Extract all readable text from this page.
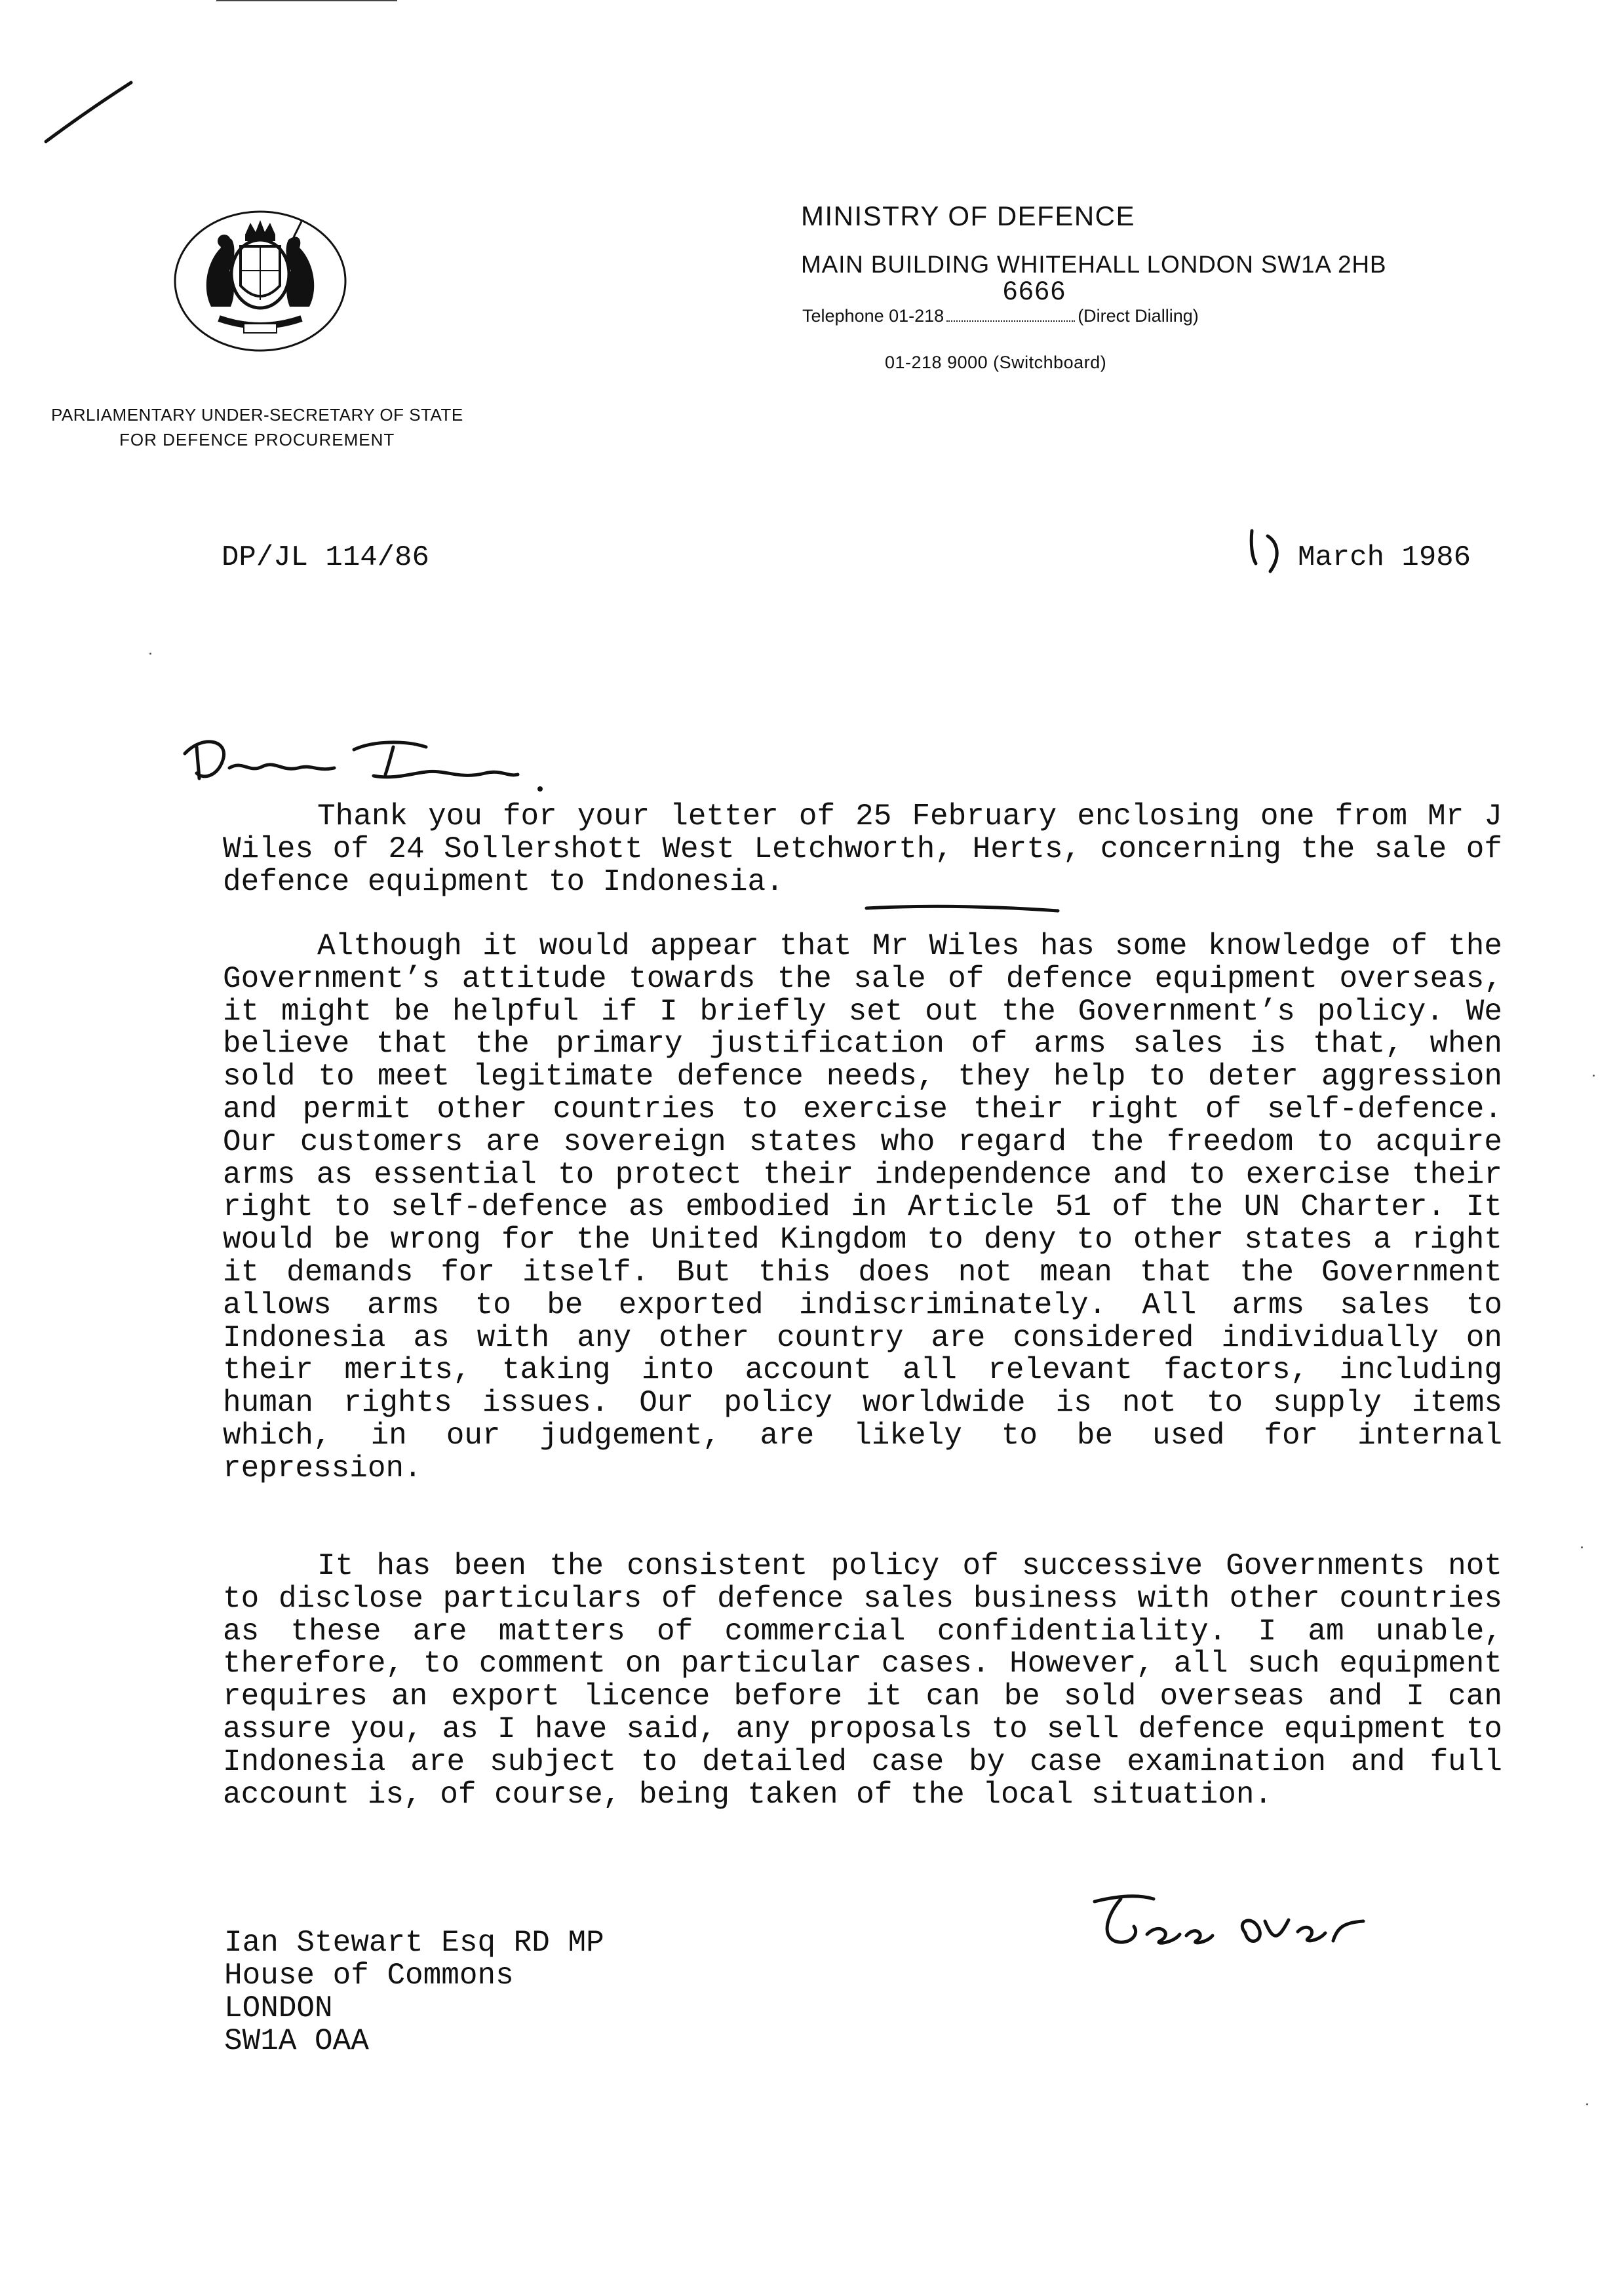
MINISTRY OF DEFENCE
MAIN BUILDING WHITEHALL LONDON SW1A 2HB
6666
Telephone 01-218	(Direct Dialling)
01-218 9000 (Switchboard)
PARLIAMENTARY UNDER-SECRETARY OF STATE
FOR DEFENCE PROCUREMENT
DP/JL 114/86	March 1986
Thank you for your letter of 25 February enclosing one from Mr J Wiles of 24 Sollershott West Letchworth, Herts, concerning the sale of defence equipment to Indonesia.
Although it would appear that Mr Wiles has some knowledge of the Government’s attitude towards the sale of defence equipment overseas, it might be helpful if I briefly set out the Government’s policy. We believe that the primary justification of arms sales is that, when sold to meet legitimate defence needs, they help to deter aggression and permit other countries to exercise their right of self-defence. Our customers are sovereign states who regard the freedom to acquire arms as essential to protect their independence and to exercise their right to self-defence as embodied in Article 51 of the UN Charter. It would be wrong for the United Kingdom to deny to other states a right it demands for itself. But this does not mean that the Government allows arms to be exported indiscriminately. All arms sales to Indonesia as with any other country are considered individually on their merits, taking into account all relevant factors, including human rights issues. Our policy worldwide is not to supply items which, in our judgement, are likely to be used for internal repression.
It has been the consistent policy of successive Governments not to disclose particulars of defence sales business with other countries as these are matters of commercial confidentiality. I am unable, therefore, to comment on particular cases. However, all such equipment requires an export licence before it can be sold overseas and I can assure you, as I have said, any proposals to sell defence equipment to Indonesia are subject to detailed case by case examination and full account is, of course, being taken of the local situation.
Ian Stewart Esq RD MP
House of Commons
LONDON
SW1A OAA
